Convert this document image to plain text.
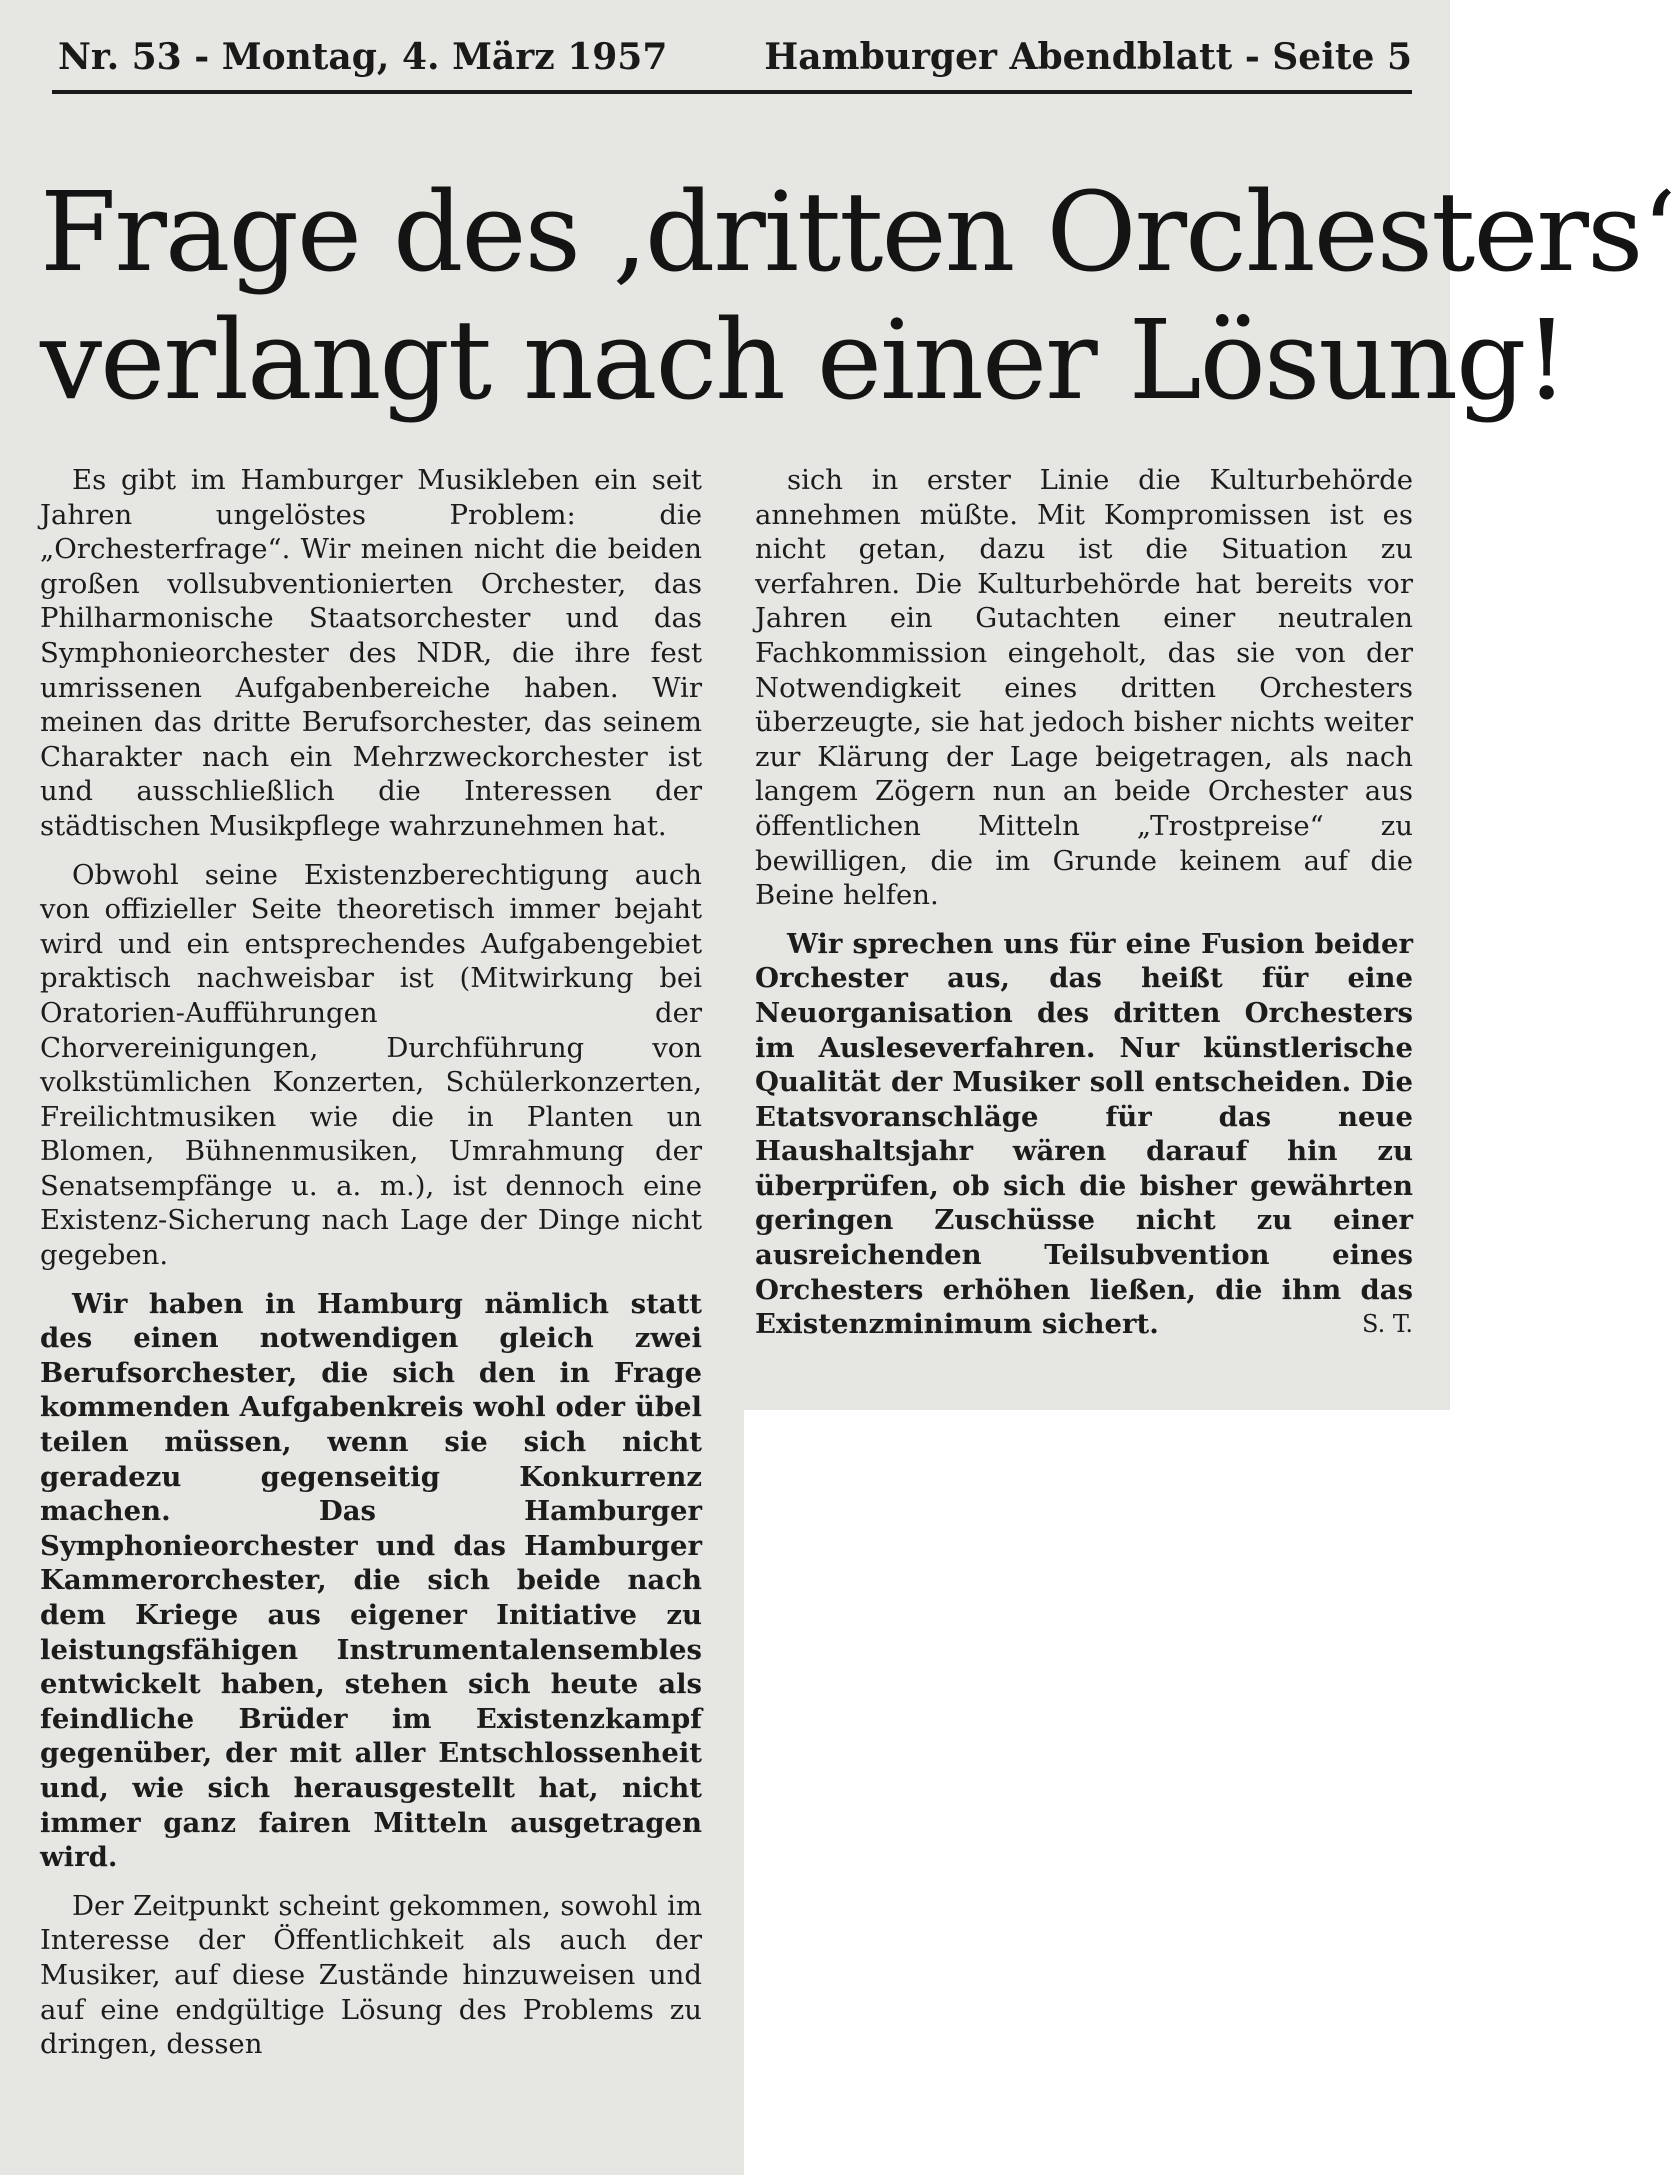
Nr. 53 - Montag, 4. März 1957	Hamburger Abendblatt - Seite 5
Frage des ‚dritten Orchesters‘
verlangt nach einer Lösung!

Es gibt im Hamburger Musikleben ein seit Jahren ungelöstes Problem: die „Orchesterfrage“. Wir meinen nicht die beiden großen vollsubventionierten Orchester, das Philharmonische Staatsorchester und das Symphonieorchester des NDR, die ihre fest umrissenen Aufgabenbereiche haben. Wir meinen das dritte Berufsorchester, das seinem Charakter nach ein Mehrzweckorchester ist und ausschließlich die Interessen der städtischen Musikpflege wahrzunehmen hat.

Obwohl seine Existenzberechtigung auch von offizieller Seite theoretisch immer bejaht wird und ein entsprechendes Aufgabengebiet praktisch nachweisbar ist (Mitwirkung bei Oratorien-Aufführungen der Chorvereinigungen, Durchführung von volkstümlichen Konzerten, Schülerkonzerten, Freilichtmusiken wie die in Planten un Blomen, Bühnenmusiken, Umrahmung der Senatsempfänge u. a. m.), ist dennoch eine Existenz-Sicherung nach Lage der Dinge nicht gegeben.

Wir haben in Hamburg nämlich statt des einen notwendigen gleich zwei Berufsorchester, die sich den in Frage kommenden Aufgabenkreis wohl oder übel teilen müssen, wenn sie sich nicht geradezu gegenseitig Konkurrenz machen. Das Hamburger Symphonieorchester und das Hamburger Kammerorchester, die sich beide nach dem Kriege aus eigener Initiative zu leistungsfähigen Instrumentalensembles entwickelt haben, stehen sich heute als feindliche Brüder im Existenzkampf gegenüber, der mit aller Entschlossenheit und, wie sich herausgestellt hat, nicht immer ganz fairen Mitteln ausgetragen wird.

Der Zeitpunkt scheint gekommen, sowohl im Interesse der Öffentlichkeit als auch der Musiker, auf diese Zustände hinzuweisen und auf eine endgültige Lösung des Problems zu dringen, dessen

sich in erster Linie die Kulturbehörde annehmen müßte. Mit Kompromissen ist es nicht getan, dazu ist die Situation zu verfahren. Die Kulturbehörde hat bereits vor Jahren ein Gutachten einer neutralen Fachkommission eingeholt, das sie von der Notwendigkeit eines dritten Orchesters überzeugte, sie hat jedoch bisher nichts weiter zur Klärung der Lage beigetragen, als nach langem Zögern nun an beide Orchester aus öffentlichen Mitteln „Trostpreise“ zu bewilligen, die im Grunde keinem auf die Beine helfen.

Wir sprechen uns für eine Fusion beider Orchester aus, das heißt für eine Neuorganisation des dritten Orchesters im Ausleseverfahren. Nur künstlerische Qualität der Musiker soll entscheiden. Die Etatsvoranschläge für das neue Haushaltsjahr wären darauf hin zu überprüfen, ob sich die bisher gewährten geringen Zuschüsse nicht zu einer ausreichenden Teilsubvention eines Orchesters erhöhen ließen, die ihm das Existenzminimum sichert.	S. T.
